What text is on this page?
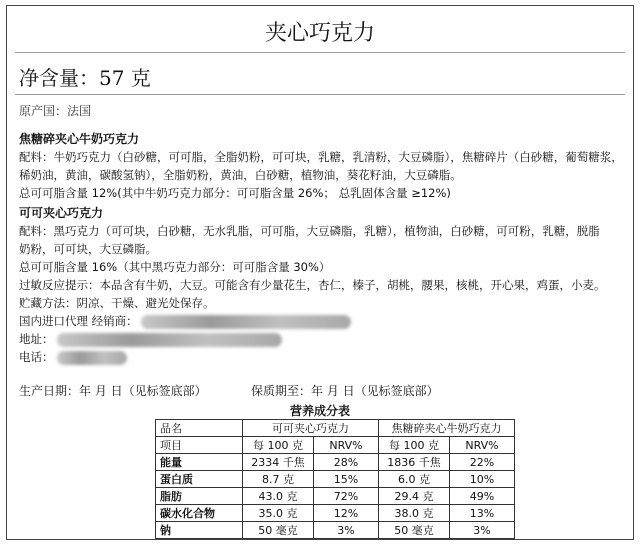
夹心巧克力
净含量：57 克
原产国：法国
焦糖碎夹心牛奶巧克力
配料：牛奶巧克力（白砂糖，可可脂，全脂奶粉，可可块，乳糖，乳清粉，大豆磷脂），焦糖碎片（白砂糖，葡萄糖浆，
稀奶油，黄油，碳酸氢钠），全脂奶粉，黄油，白砂糖，植物油，葵花籽油，大豆磷脂。
总可可脂含量 12%(其中牛奶巧克力部分：可可脂含量 26%； 总乳固体含量 ≥12%)
可可夹心巧克力
配料：黑巧克力（可可块，白砂糖，无水乳脂，可可脂，大豆磷脂，乳糖），植物油，白砂糖，可可粉，乳糖，脱脂
奶粉，可可块，大豆磷脂。
总可可脂含量 16%（其中黑巧克力部分：可可脂含量 30%）
过敏反应提示：本品含有牛奶，大豆。可能含有少量花生，杏仁，榛子，胡桃，腰果，核桃，开心果，鸡蛋，小麦。
贮藏方法：阴凉、干燥、避光处保存。
国内进口代理 经销商：
地址：
电话：
生产日期：年 月 日（见标签底部）	保质期至：年 月 日（见标签底部）
营养成分表
品名	可可夹心巧克力		焦糖碎夹心牛奶巧克力	
项目	每 100 克	NRV%	每 100 克	NRV%
能量	2334 千焦	28%	1836 千焦	22%
蛋白质	8.7 克	15%	6.0 克	10%
脂肪	43.0 克	72%	29.4 克	49%
碳水化合物	35.0 克	12%	38.0 克	13%
钠	50 毫克	3%	50 毫克	3%
